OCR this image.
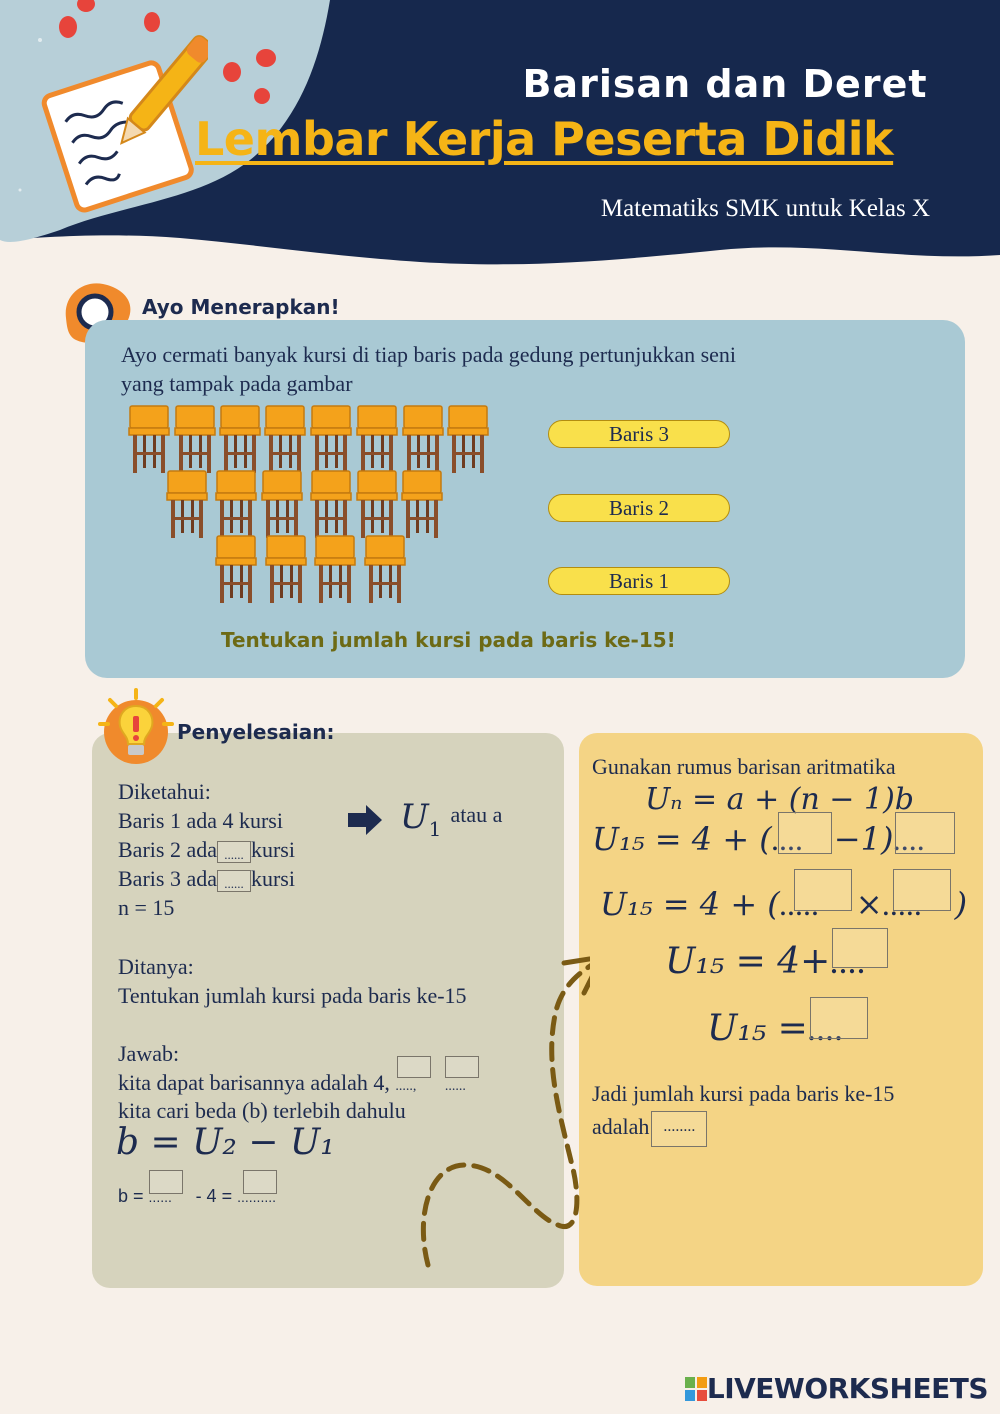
Barisan dan Deret
Lembar Kerja Peserta Didik
Matematiks SMK untuk Kelas X
Ayo Menerapkan!
Ayo cermati banyak kursi di tiap baris pada gedung pertunjukkan seni
yang tampak pada gambar
Baris 3
Baris 2
Baris 1
Tentukan jumlah kursi pada baris ke-15!
Penyelesaian:
Diketahui:
Baris 1 ada 4 kursi
Baris 2 ada ...... kursi
Baris 3 ada ...... kursi
n = 15
U1 atau a
Ditanya:
Tentukan jumlah kursi pada baris ke-15
Jawab:
kita dapat barisannya adalah 4, ....., ......
kita cari beda (b) terlebih dahulu
b = U₂ − U₁
b = ...... - 4 = ..........
Gunakan rumus barisan aritmatika
Uₙ = a + (n − 1)b
U₁₅ = 4 + (
.... −1)
....
U₁₅ = 4 + (
..... ×
..... )
U₁₅ = 4+
....
U₁₅ =
....
Jadi jumlah kursi pada baris ke-15
adalah ........
LIVEWORKSHEETS
